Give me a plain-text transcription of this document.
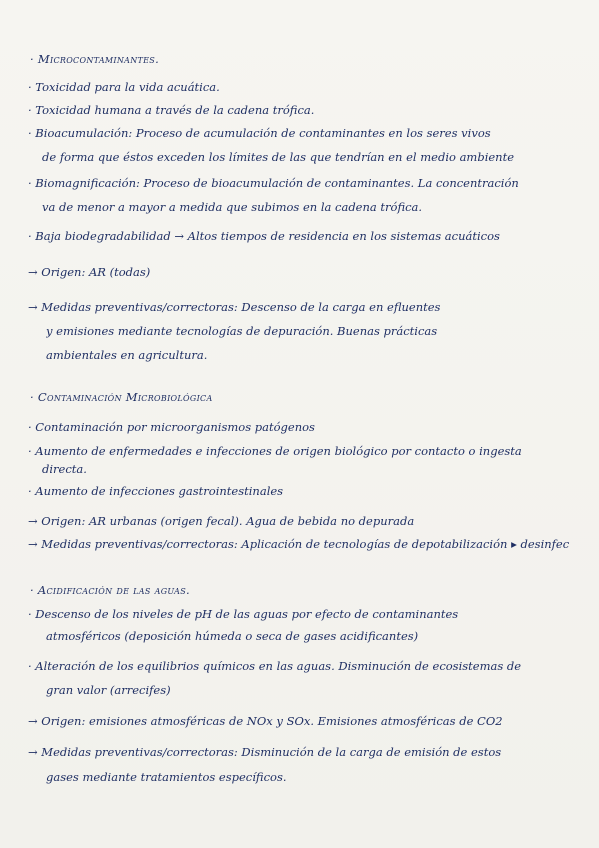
· Microcontaminantes.
· Toxicidad para la vida acuática.
· Toxicidad humana a través de la cadena trófica.
· Bioacumulación: Proceso de acumulación de contaminantes en los seres vivos
de forma que éstos exceden los límites de las que tendrían en el medio ambiente
· Biomagnificación: Proceso de bioacumulación de contaminantes. La concentración
va de menor a mayor a medida que subimos en la cadena trófica.
· Baja biodegradabilidad → Altos tiempos de residencia en los sistemas acuáticos
→ Origen: AR (todas)
→ Medidas preventivas/correctoras: Descenso de la carga en efluentes
y emisiones mediante tecnologías de depuración. Buenas prácticas
ambientales en agricultura.
· Contaminación Microbiológica
· Contaminación por microorganismos patógenos
· Aumento de enfermedades e infecciones de origen biológico por contacto o ingesta
directa.
· Aumento de infecciones gastrointestinales
→ Origen: AR urbanas (origen fecal). Agua de bebida no depurada
→ Medidas preventivas/correctoras: Aplicación de tecnologías de depotabilización ▸ desinfec
· Acidificación de las aguas.
· Descenso de los niveles de pH de las aguas por efecto de contaminantes
atmosféricos (deposición húmeda o seca de gases acidificantes)
· Alteración de los equilibrios químicos en las aguas. Disminución de ecosistemas de
gran valor (arrecifes)
→ Origen: emisiones atmosféricas de NOx y SOx. Emisiones atmosféricas de CO2
→ Medidas preventivas/correctoras: Disminución de la carga de emisión de estos
gases mediante tratamientos específicos.
